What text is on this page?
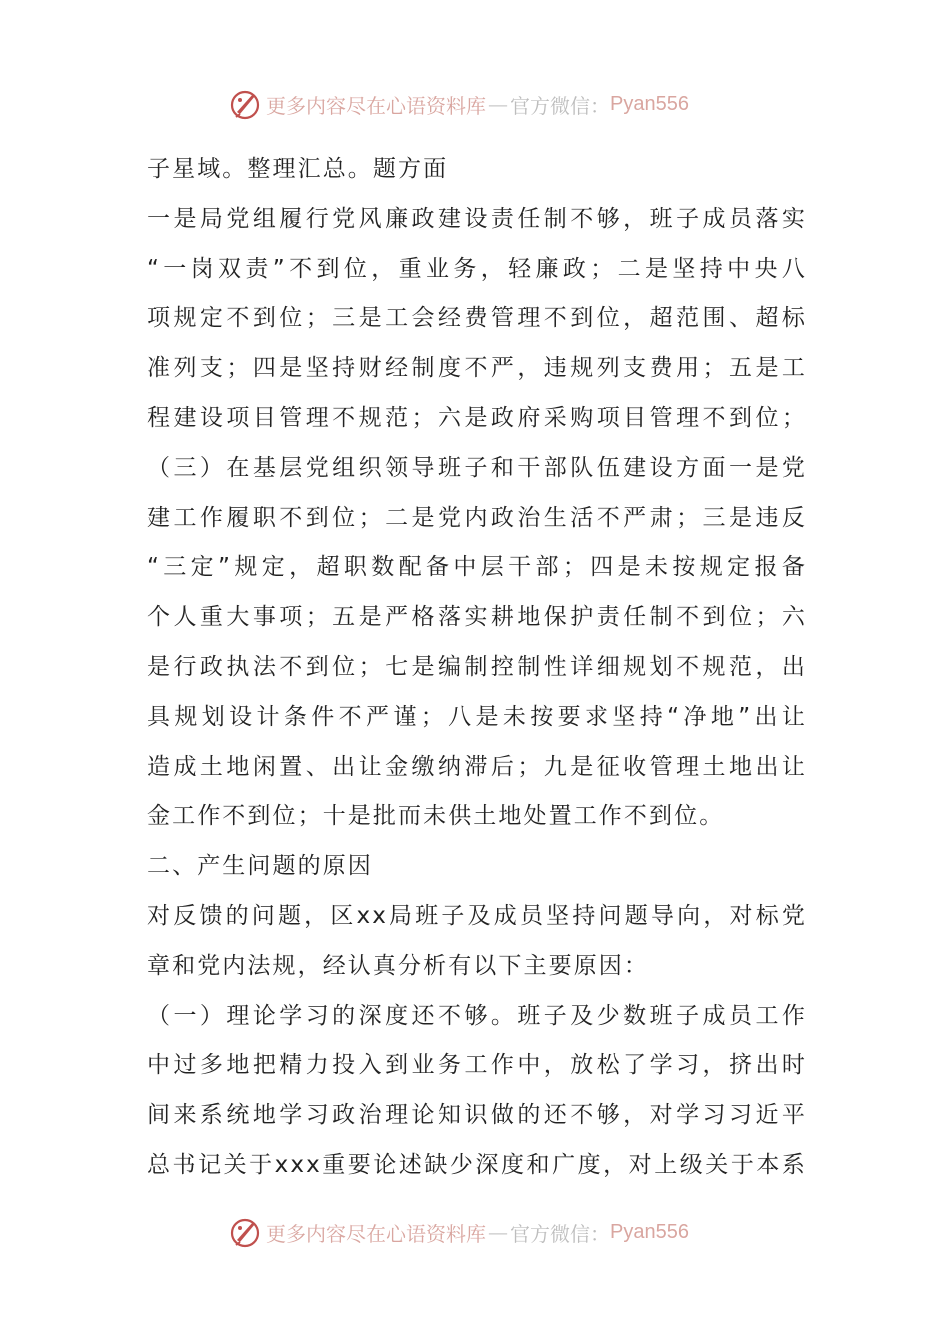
更多内容尽在心语资料库 — 官方微信： Pyan556
子星域。整理汇总。题方面
一是局党组履行党风廉政建设责任制不够，班子成员落实
“一岗双责”不到位，重业务，轻廉政；二是坚持中央八
项规定不到位；三是工会经费管理不到位，超范围、超标
准列支；四是坚持财经制度不严，违规列支费用；五是工
程建设项目管理不规范；六是政府采购项目管理不到位；
（三）在基层党组织领导班子和干部队伍建设方面一是党
建工作履职不到位；二是党内政治生活不严肃；三是违反
“三定”规定，超职数配备中层干部；四是未按规定报备
个人重大事项；五是严格落实耕地保护责任制不到位；六
是行政执法不到位；七是编制控制性详细规划不规范，出
具规划设计条件不严谨；八是未按要求坚持“净地”出让
造成土地闲置、出让金缴纳滞后；九是征收管理土地出让
金工作不到位；十是批而未供土地处置工作不到位。
二、产生问题的原因
对反馈的问题，区xx局班子及成员坚持问题导向，对标党
章和党内法规，经认真分析有以下主要原因：
（一）理论学习的深度还不够。班子及少数班子成员工作
中过多地把精力投入到业务工作中，放松了学习，挤出时
间来系统地学习政治理论知识做的还不够，对学习习近平
总书记关于xxx重要论述缺少深度和广度，对上级关于本系
更多内容尽在心语资料库 — 官方微信： Pyan556
